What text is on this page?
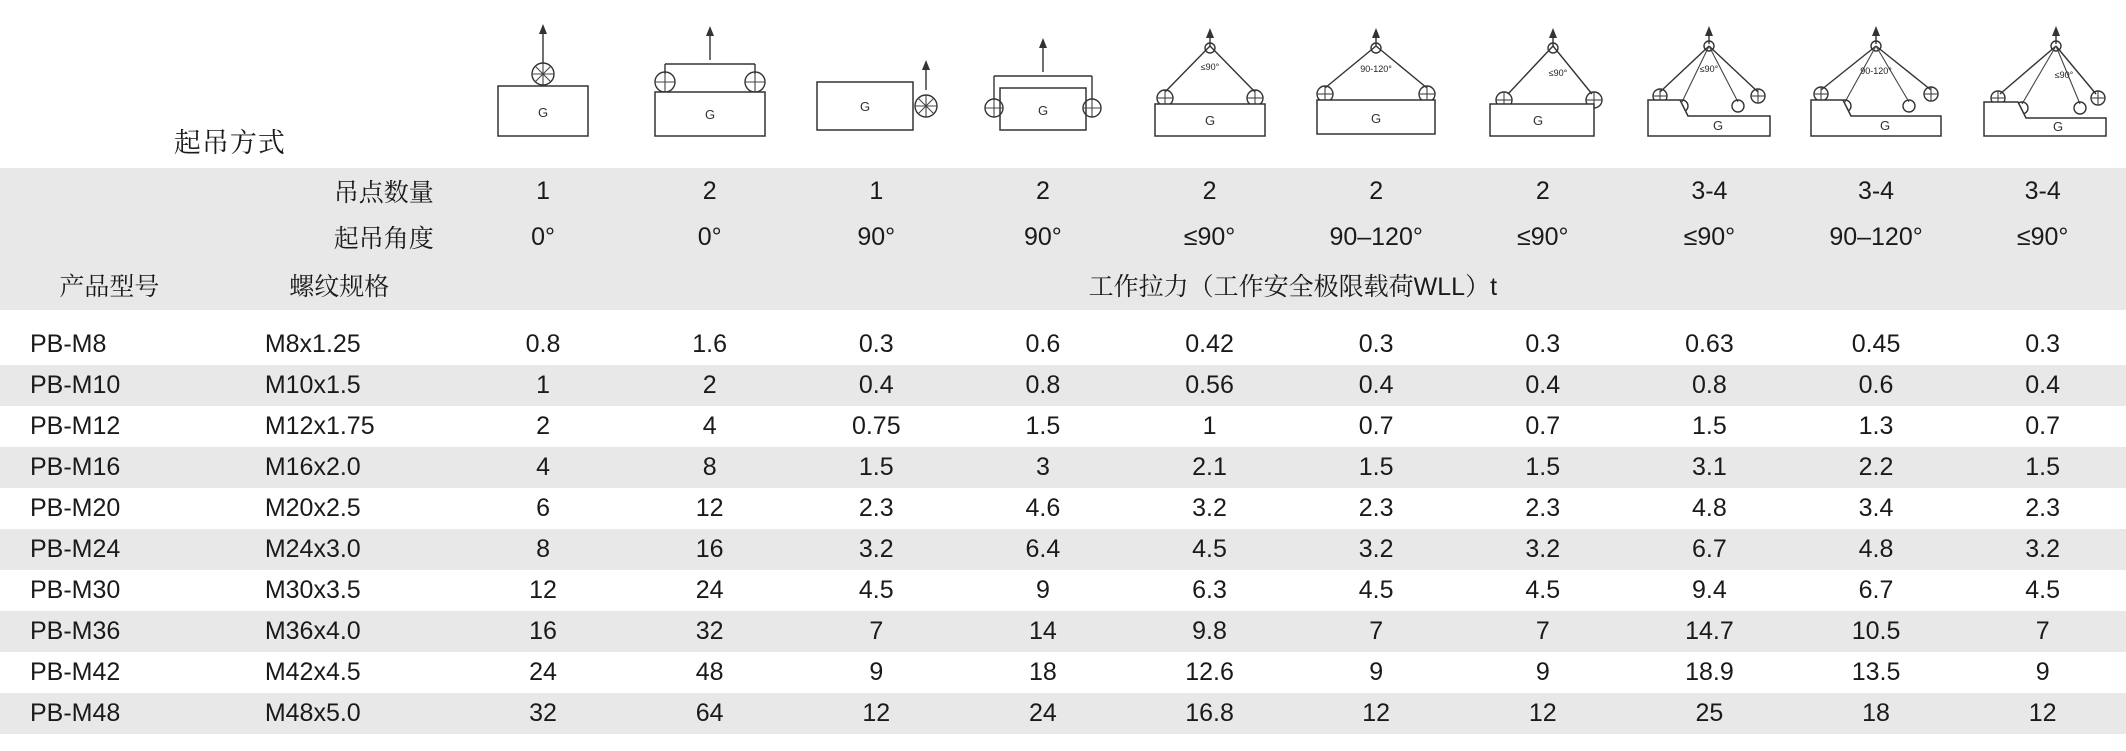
起吊方式		G	G	G	G	≤90°
G	90-120°
G	≤90°
G	≤90°
G	90-120°
G	≤90°
G

吊点数量		1	2	1	2	2	2	2	3-4	3-4	3-4
起吊角度		0°	0°	90°	90°	≤90°	90–120°	≤90°	≤90°	90–120°	≤90°
产品型号	螺纹规格	工作拉力（工作安全极限载荷WLL）t									

PB-M8	M8x1.25	0.8	1.6	0.3	0.6	0.42	0.3	0.3	0.63	0.45	0.3
PB-M10	M10x1.5	1	2	0.4	0.8	0.56	0.4	0.4	0.8	0.6	0.4
PB-M12	M12x1.75	2	4	0.75	1.5	1	0.7	0.7	1.5	1.3	0.7
PB-M16	M16x2.0	4	8	1.5	3	2.1	1.5	1.5	3.1	2.2	1.5
PB-M20	M20x2.5	6	12	2.3	4.6	3.2	2.3	2.3	4.8	3.4	2.3
PB-M24	M24x3.0	8	16	3.2	6.4	4.5	3.2	3.2	6.7	4.8	3.2
PB-M30	M30x3.5	12	24	4.5	9	6.3	4.5	4.5	9.4	6.7	4.5
PB-M36	M36x4.0	16	32	7	14	9.8	7	7	14.7	10.5	7
PB-M42	M42x4.5	24	48	9	18	12.6	9	9	18.9	13.5	9
PB-M48	M48x5.0	32	64	12	24	16.8	12	12	25	18	12
